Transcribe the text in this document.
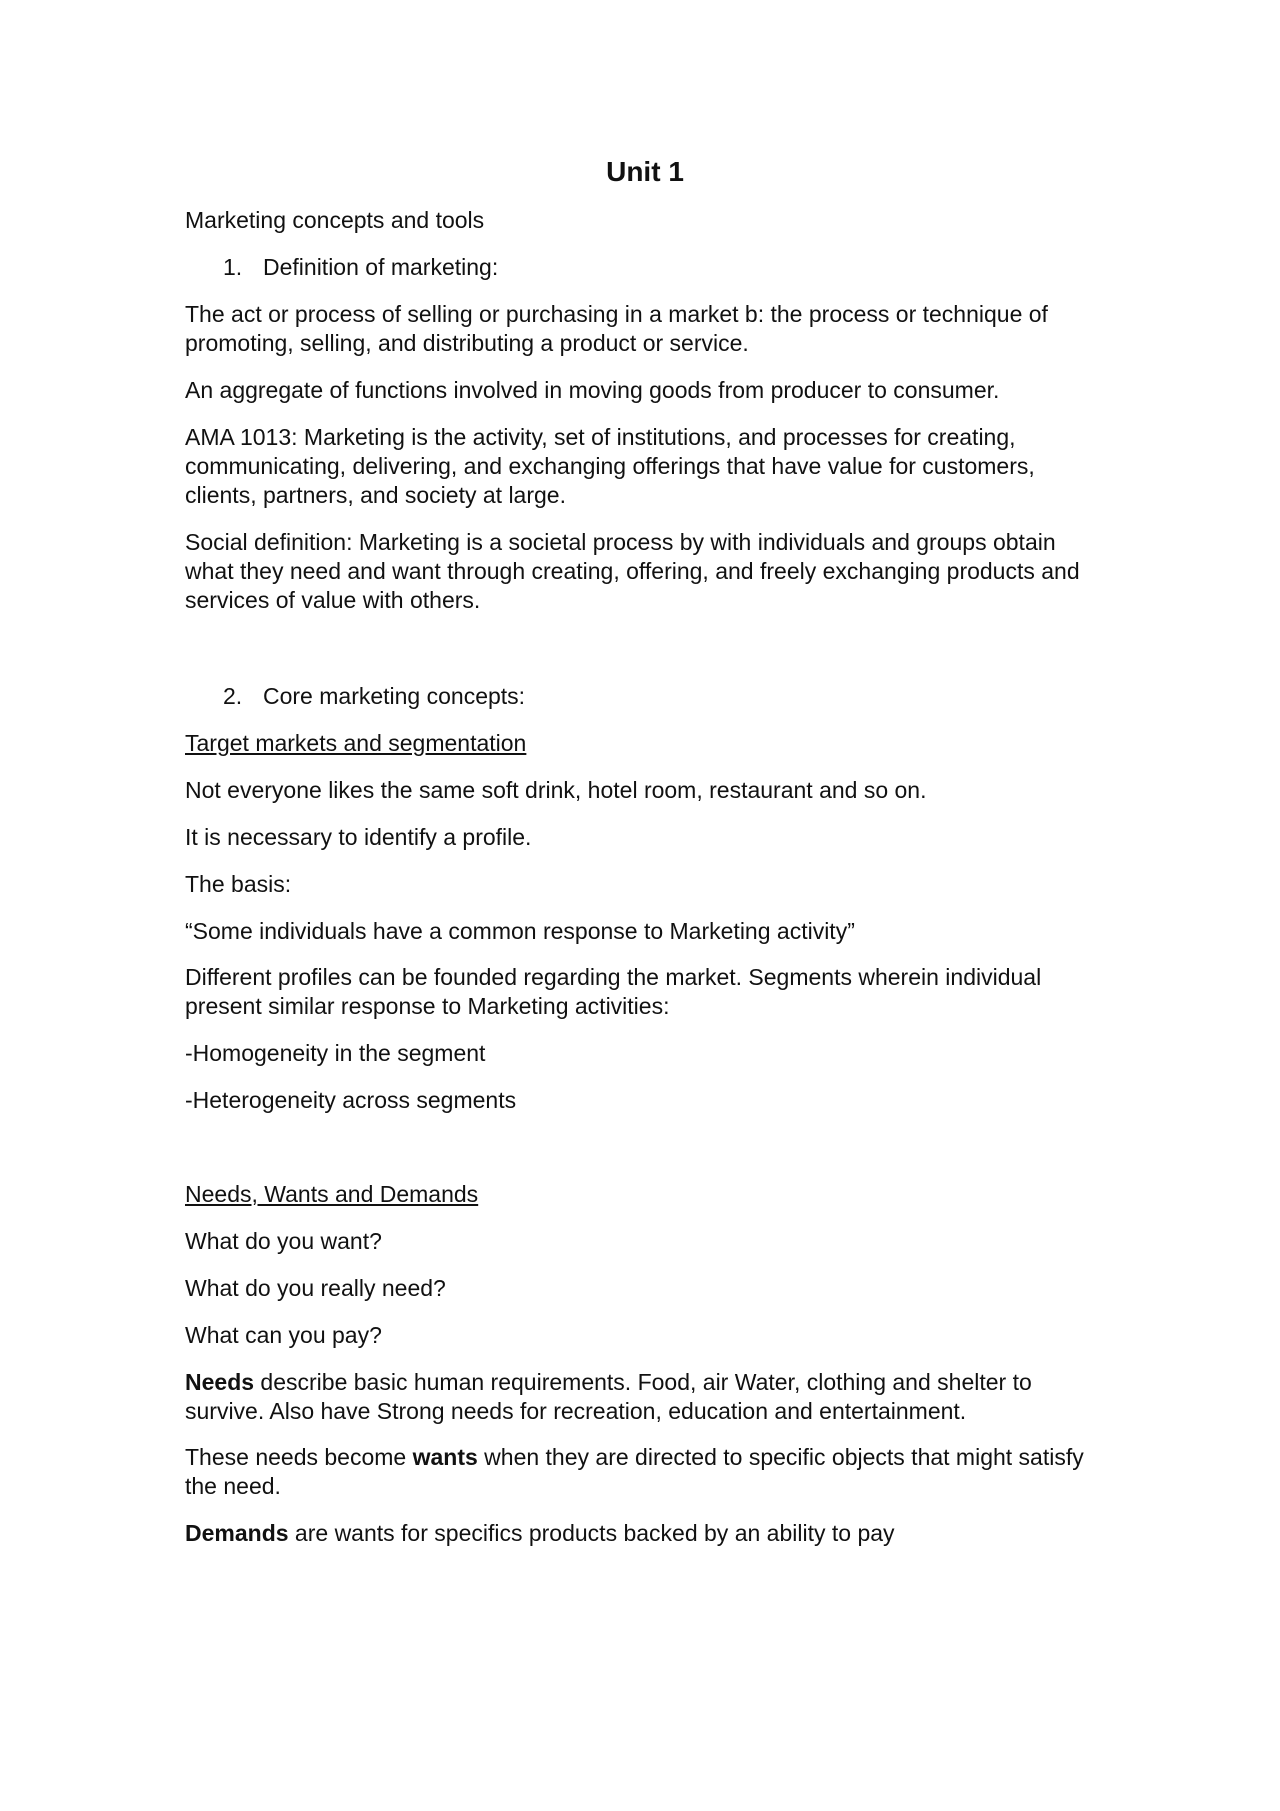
Unit 1

Marketing concepts and tools

1. Definition of marketing:

The act or process of selling or purchasing in a market b: the process or technique of promoting, selling, and distributing a product or service.

An aggregate of functions involved in moving goods from producer to consumer.

AMA 1013: Marketing is the activity, set of institutions, and processes for creating, communicating, delivering, and exchanging offerings that have value for customers, clients, partners, and society at large.

Social definition: Marketing is a societal process by with individuals and groups obtain what they need and want through creating, offering, and freely exchanging products and services of value with others.

2. Core marketing concepts:

Target markets and segmentation

Not everyone likes the same soft drink, hotel room, restaurant and so on.

It is necessary to identify a profile.

The basis:

“Some individuals have a common response to Marketing activity”

Different profiles can be founded regarding the market. Segments wherein individual present similar response to Marketing activities:

-Homogeneity in the segment

-Heterogeneity across segments

Needs, Wants and Demands

What do you want?

What do you really need?

What can you pay?

Needs describe basic human requirements. Food, air Water, clothing and shelter to survive. Also have Strong needs for recreation, education and entertainment.

These needs become wants when they are directed to specific objects that might satisfy the need.

Demands are wants for specifics products backed by an ability to pay
